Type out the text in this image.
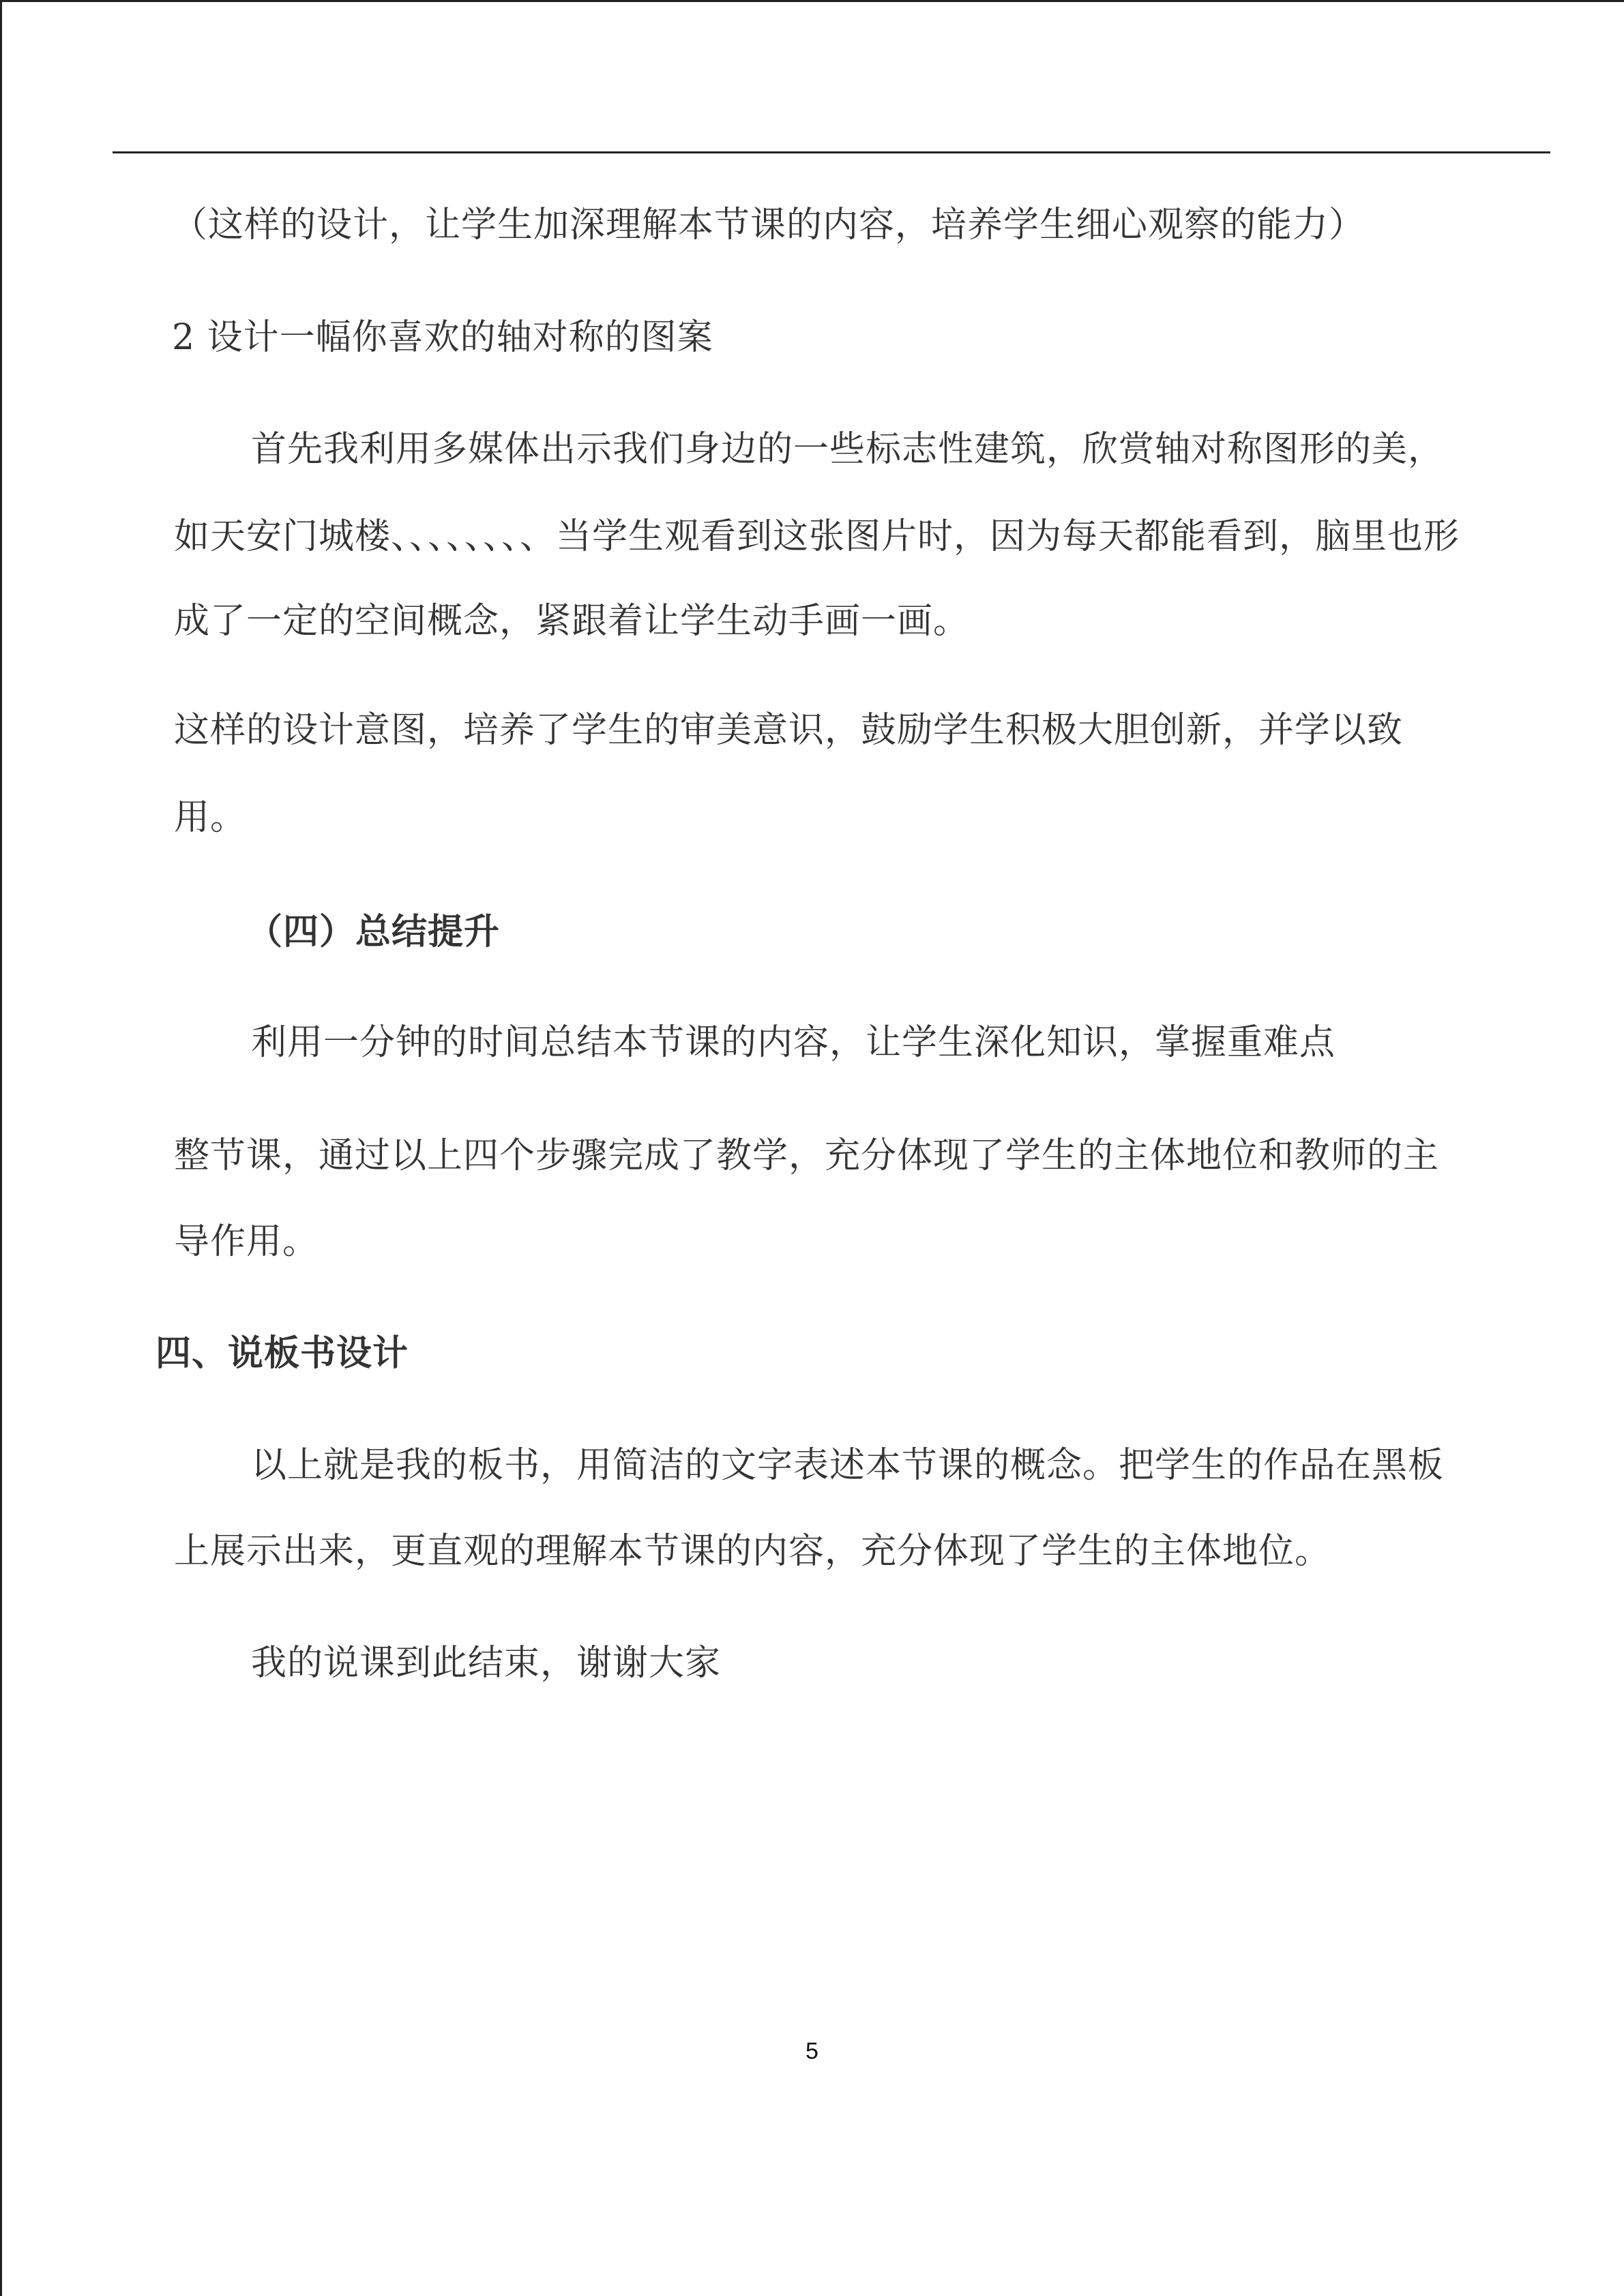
（这样的设计，让学生加深理解本节课的内容，培养学生细心观察的能力）
2 设计一幅你喜欢的轴对称的图案
首先我利用多媒体出示我们身边的一些标志性建筑，欣赏轴对称图形的美，
如天安门城楼、、、、、、、、当学生观看到这张图片时，因为每天都能看到，脑里也形
成了一定的空间概念，紧跟着让学生动手画一画。
这样的设计意图，培养了学生的审美意识，鼓励学生积极大胆创新，并学以致
用。
（四）总结提升
利用一分钟的时间总结本节课的内容，让学生深化知识，掌握重难点
整节课，通过以上四个步骤完成了教学，充分体现了学生的主体地位和教师的主
导作用。
四、说板书设计
以上就是我的板书，用简洁的文字表述本节课的概念。把学生的作品在黑板
上展示出来，更直观的理解本节课的内容，充分体现了学生的主体地位。
我的说课到此结束，谢谢大家
5
